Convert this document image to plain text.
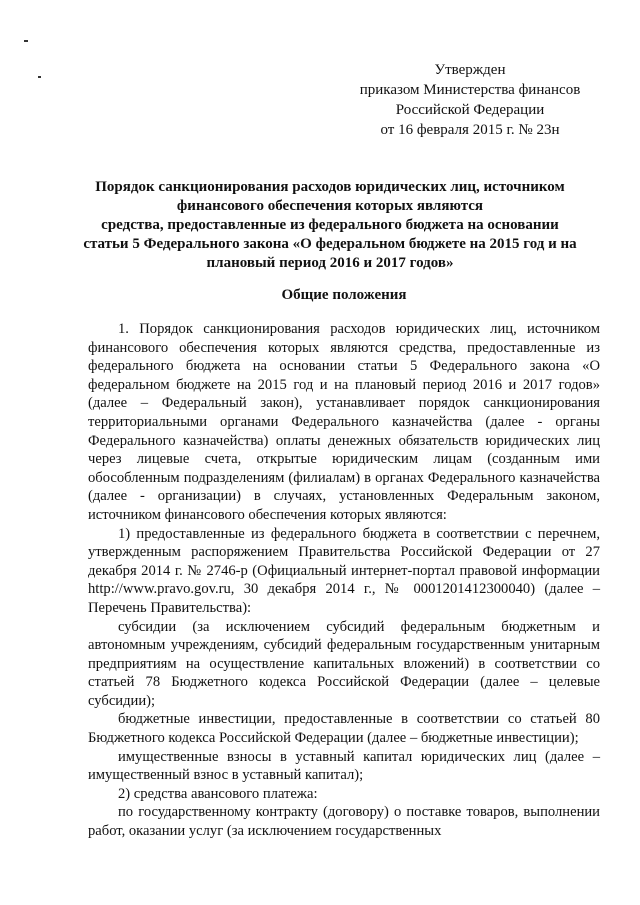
Утвержден
приказом Министерства финансов
Российской Федерации
от 16 февраля 2015 г. № 23н
Порядок санкционирования расходов юридических лиц, источником
финансового обеспечения которых являются
средства, предоставленные из федерального бюджета на основании
статьи 5 Федерального закона «О федеральном бюджете на 2015 год и на
плановый период 2016 и 2017 годов»
Общие положения

1. Порядок санкционирования расходов юридических лиц, источником финансового обеспечения которых являются средства, предоставленные из федерального бюджета на основании статьи 5 Федерального закона «О федеральном бюджете на 2015 год и на плановый период 2016 и 2017 годов» (далее – Федеральный закон), устанавливает порядок санкционирования территориальными органами Федерального казначейства (далее - органы Федерального казначейства) оплаты денежных обязательств юридических лиц через лицевые счета, открытые юридическим лицам (созданным ими обособленным подразделениям (филиалам) в органах Федерального казначейства (далее - организации) в случаях, установленных Федеральным законом, источником финансового обеспечения которых являются:

1) предоставленные из федерального бюджета в соответствии с перечнем, утвержденным распоряжением Правительства Российской Федерации от 27 декабря 2014 г. № 2746-р (Официальный интернет-портал правовой информации http://www.pravo.gov.ru, 30 декабря 2014 г., № 0001201412300040) (далее – Перечень Правительства):

субсидии (за исключением субсидий федеральным бюджетным и автономным учреждениям, субсидий федеральным государственным унитарным предприятиям на осуществление капитальных вложений) в соответствии со статьей 78 Бюджетного кодекса Российской Федерации (далее – целевые субсидии);

бюджетные инвестиции, предоставленные в соответствии со статьей 80 Бюджетного кодекса Российской Федерации (далее – бюджетные инвестиции);

имущественные взносы в уставный капитал юридических лиц (далее – имущественный взнос в уставный капитал);

2) средства авансового платежа:

по государственному контракту (договору) о поставке товаров, выполнении работ, оказании услуг (за исключением государственных
